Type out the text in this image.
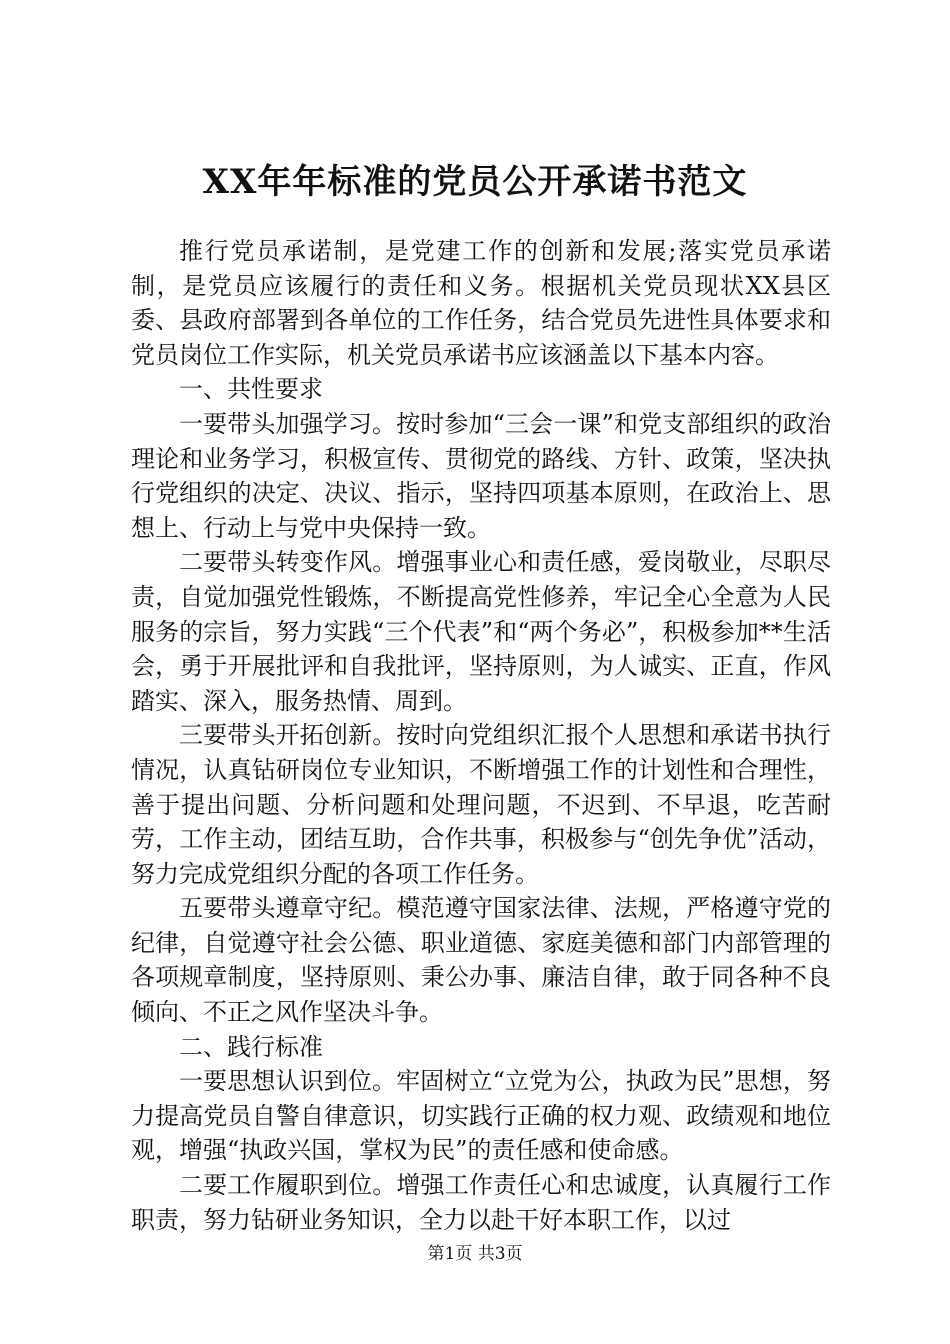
XX年年标准的党员公开承诺书范文

推行党员承诺制，是党建工作的创新和发展;落实党员承诺制，是党员应该履行的责任和义务。根据机关党员现状XX县区委、县政府部署到各单位的工作任务，结合党员先进性具体要求和党员岗位工作实际，机关党员承诺书应该涵盖以下基本内容。

一、共性要求

一要带头加强学习。按时参加“三会一课”和党支部组织的政治理论和业务学习，积极宣传、贯彻党的路线、方针、政策，坚决执行党组织的决定、决议、指示，坚持四项基本原则，在政治上、思想上、行动上与党中央保持一致。

二要带头转变作风。增强事业心和责任感，爱岗敬业，尽职尽责，自觉加强党性锻炼，不断提高党性修养，牢记全心全意为人民服务的宗旨，努力实践“三个代表”和“两个务必”，积极参加**生活会，勇于开展批评和自我批评，坚持原则，为人诚实、正直，作风踏实、深入，服务热情、周到。

三要带头开拓创新。按时向党组织汇报个人思想和承诺书执行情况，认真钻研岗位专业知识，不断增强工作的计划性和合理性，善于提出问题、分析问题和处理问题，不迟到、不早退，吃苦耐劳，工作主动，团结互助，合作共事，积极参与“创先争优”活动，努力完成党组织分配的各项工作任务。

五要带头遵章守纪。模范遵守国家法律、法规，严格遵守党的纪律，自觉遵守社会公德、职业道德、家庭美德和部门内部管理的各项规章制度，坚持原则、秉公办事、廉洁自律，敢于同各种不良倾向、不正之风作坚决斗争。

二、践行标准

一要思想认识到位。牢固树立“立党为公，执政为民”思想，努力提高党员自警自律意识，切实践行正确的权力观、政绩观和地位观，增强“执政兴国，掌权为民”的责任感和使命感。

二要工作履职到位。增强工作责任心和忠诚度，认真履行工作职责，努力钻研业务知识，全力以赴干好本职工作，以过

第1页 共3页
